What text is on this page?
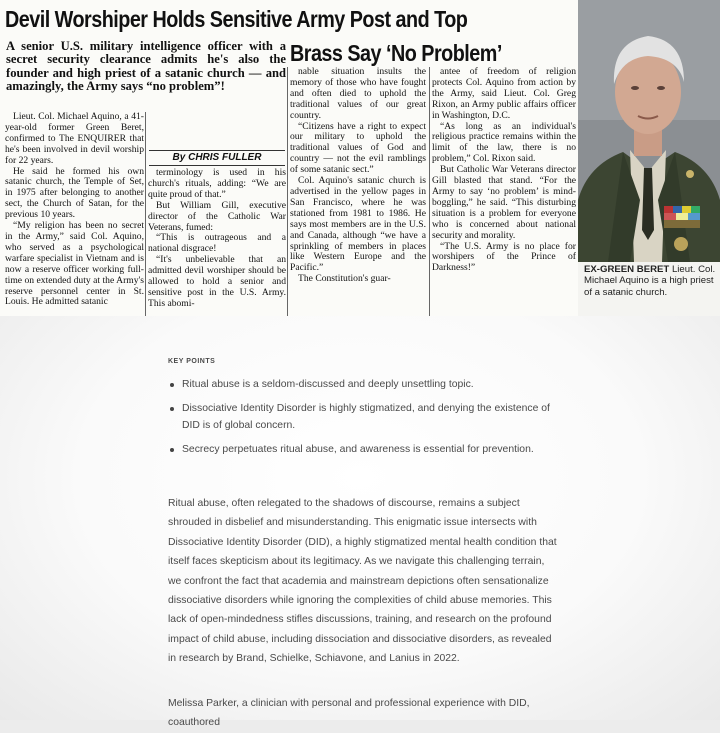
Devil Worshiper Holds Sensitive Army Post and Top
Brass Say ‘No Problem’
A senior U.S. military intelligence officer with a secret security clearance admits he's also the founder and high priest of a satanic church — and amazingly, the Army says “no problem”!

Lieut. Col. Michael Aquino, a 41-year-old former Green Beret, confirmed to The ENQUIRER that he's been involved in devil worship for 22 years.

He said he formed his own satanic church, the Temple of Set, in 1975 after belonging to another sect, the Church of Satan, for the previous 10 years.

“My religion has been no secret in the Army,” said Col. Aquino, who served as a psychological warfare specialist in Vietnam and is now a reserve officer working full-time on extended duty at the Army's reserve personnel center in St. Louis. He admitted satanic

By CHRIS FULLER

terminology is used in his church's rituals, adding: “We are quite proud of that.”

But William Gill, executive director of the Catholic War Veterans, fumed:

“This is outrageous and a national disgrace!

“It's unbelievable that an admitted devil worshiper should be allowed to hold a senior and sensitive post in the U.S. Army. This abomi-

nable situation insults the memory of those who have fought and often died to uphold the traditional values of our great country.

“Citizens have a right to expect our military to uphold the traditional values of God and country — not the evil ramblings of some satanic sect.”

Col. Aquino's satanic church is advertised in the yellow pages in San Francisco, where he was stationed from 1981 to 1986. He says most members are in the U.S. and Canada, although “we have a sprinkling of members in places like Western Europe and the Pacific.”

The Constitution's guar-

antee of freedom of religion protects Col. Aquino from action by the Army, said Lieut. Col. Greg Rixon, an Army public affairs officer in Washington, D.C.

“As long as an individual's religious practice remains within the limit of the law, there is no problem,” Col. Rixon said.

But Catholic War Veterans director Gill blasted that stand. “For the Army to say ‘no problem’ is mind-boggling,” he said. “This disturbing situation is a problem for everyone who is concerned about national security and morality.

“The U.S. Army is no place for worshipers of the Prince of Darkness!”	EX-GREEN BERET Lieut. Col. Michael Aquino is a high priest of a satanic church.
KEY POINTS
Ritual abuse is a seldom-discussed and deeply unsettling topic.
Dissociative Identity Disorder is highly stigmatized, and denying the existence of DID is of global concern.
Secrecy perpetuates ritual abuse, and awareness is essential for prevention.

Ritual abuse, often relegated to the shadows of discourse, remains a subject shrouded in disbelief and misunderstanding. This enigmatic issue intersects with Dissociative Identity Disorder (DID), a highly stigmatized mental health condition that itself faces skepticism about its legitimacy. As we navigate this challenging terrain, we confront the fact that academia and mainstream depictions often sensationalize dissociative disorders while ignoring the complexities of child abuse memories. This lack of open-mindedness stifles discussions, training, and research on the profound impact of child abuse, including dissociation and dissociative disorders, as revealed in research by Brand, Schielke, Schiavone, and Lanius in 2022.

Melissa Parker, a clinician with personal and professional experience with DID, coauthored
